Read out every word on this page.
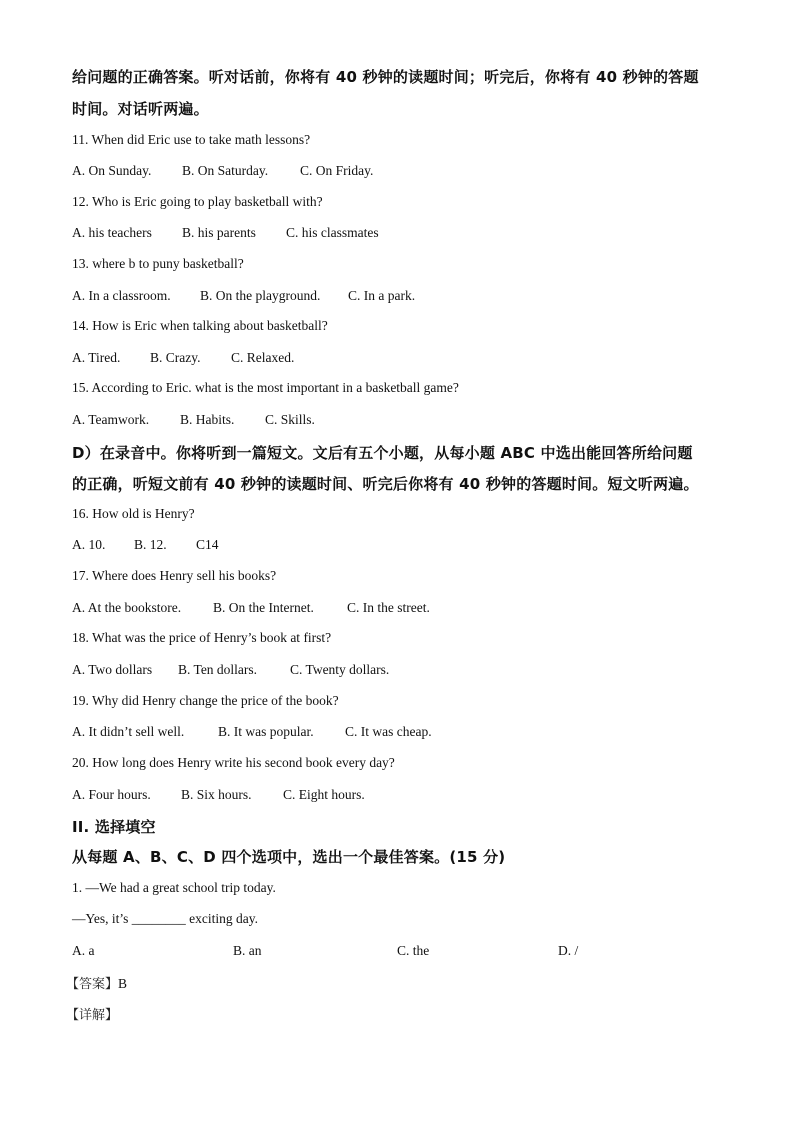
给问题的正确答案。听对话前，你将有 40 秒钟的读题时间；听完后，你将有 40 秒钟的答题
时间。对话听两遍。
11. When did Eric use to take math lessons?
A. On Sunday. B. On Saturday. C. On Friday.
12. Who is Eric going to play basketball with?
A. his teachers B. his parents C. his classmates
13. where b to puny basketball?
A. In a classroom. B. On the playground. C. In a park.
14. How is Eric when talking about basketball?
A. Tired. B. Crazy. C. Relaxed.
15. According to Eric. what is the most important in a basketball game?
A. Teamwork. B. Habits. C. Skills.
D）在录音中。你将听到一篇短文。文后有五个小题，从每小题 ABC 中选出能回答所给问题
的正确，听短文前有 40 秒钟的读题时间、听完后你将有 40 秒钟的答题时间。短文听两遍。
16. How old is Henry?
A. 10. B. 12. C14
17. Where does Henry sell his books?
A. At the bookstore. B. On the Internet. C. In the street.
18. What was the price of Henry’s book at first?
A. Two dollars B. Ten dollars. C. Twenty dollars.
19. Why did Henry change the price of the book?
A. It didn’t sell well.	B. It was popular. C. It was cheap.
20. How long does Henry write his second book every day?
A. Four hours. B. Six hours. C. Eight hours.
II. 选择填空
从每题 A、B、C、D 四个选项中，选出一个最佳答案。(15 分)
1. —We had a great school trip today.
—Yes, it’s ________ exciting day.
A. a	B. an	C. the	D. /
【答案】B
【详解】
